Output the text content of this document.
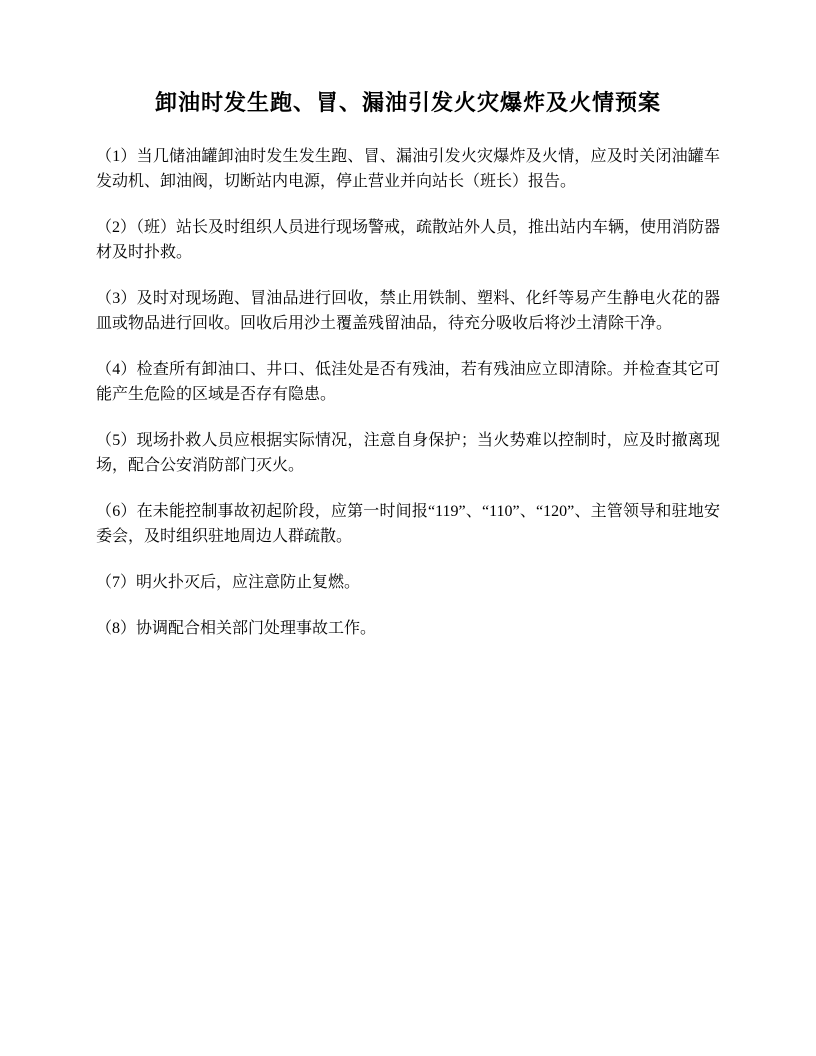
卸油时发生跑、冒、漏油引发火灾爆炸及火情预案

（1）当几储油罐卸油时发生发生跑、冒、漏油引发火灾爆炸及火情，应及时关闭油罐车发动机、卸油阀，切断站内电源，停止营业并向站长（班长）报告。

（2）（班）站长及时组织人员进行现场警戒，疏散站外人员，推出站内车辆，使用消防器材及时扑救。

（3）及时对现场跑、冒油品进行回收，禁止用铁制、塑料、化纤等易产生静电火花的器皿或物品进行回收。回收后用沙土覆盖残留油品，待充分吸收后将沙土清除干净。

（4）检查所有卸油口、井口、低洼处是否有残油，若有残油应立即清除。并检查其它可能产生危险的区域是否存有隐患。

（5）现场扑救人员应根据实际情况，注意自身保护；当火势难以控制时，应及时撤离现场，配合公安消防部门灭火。

（6）在未能控制事故初起阶段，应第一时间报“119”、“110”、“120”、主管领导和驻地安委会，及时组织驻地周边人群疏散。

（7）明火扑灭后，应注意防止复燃。

（8）协调配合相关部门处理事故工作。
